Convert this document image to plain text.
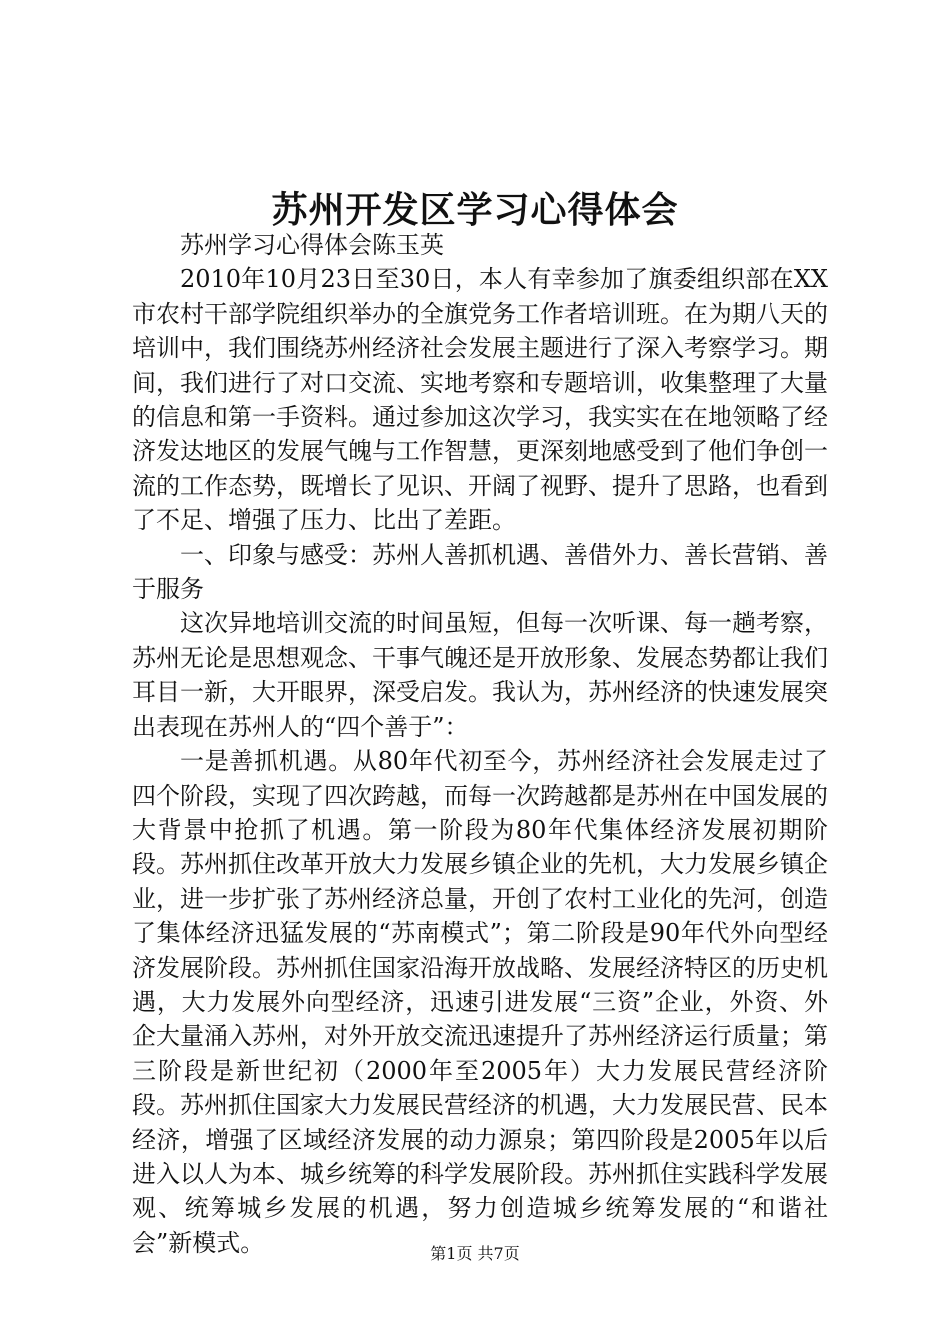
苏州开发区学习心得体会

苏州学习心得体会陈玉英

2010年10月23日至30日，本人有幸参加了旗委组织部在XX市农村干部学院组织举办的全旗党务工作者培训班。在为期八天的培训中，我们围绕苏州经济社会发展主题进行了深入考察学习。期间，我们进行了对口交流、实地考察和专题培训，收集整理了大量的信息和第一手资料。通过参加这次学习，我实实在在地领略了经济发达地区的发展气魄与工作智慧，更深刻地感受到了他们争创一流的工作态势，既增长了见识、开阔了视野、提升了思路，也看到了不足、增强了压力、比出了差距。

一、印象与感受：苏州人善抓机遇、善借外力、善长营销、善于服务

这次异地培训交流的时间虽短，但每一次听课、每一趟考察，苏州无论是思想观念、干事气魄还是开放形象、发展态势都让我们耳目一新，大开眼界，深受启发。我认为，苏州经济的快速发展突出表现在苏州人的“四个善于”：

一是善抓机遇。从80年代初至今，苏州经济社会发展走过了四个阶段，实现了四次跨越，而每一次跨越都是苏州在中国发展的大背景中抢抓了机遇。第一阶段为80年代集体经济发展初期阶段。苏州抓住改革开放大力发展乡镇企业的先机，大力发展乡镇企业，进一步扩张了苏州经济总量，开创了农村工业化的先河，创造了集体经济迅猛发展的“苏南模式”；第二阶段是90年代外向型经济发展阶段。苏州抓住国家沿海开放战略、发展经济特区的历史机遇，大力发展外向型经济，迅速引进发展“三资”企业，外资、外企大量涌入苏州，对外开放交流迅速提升了苏州经济运行质量；第三阶段是新世纪初（2000年至2005年）大力发展民营经济阶段。苏州抓住国家大力发展民营经济的机遇，大力发展民营、民本经济，增强了区域经济发展的动力源泉；第四阶段是2005年以后进入以人为本、城乡统筹的科学发展阶段。苏州抓住实践科学发展观、统筹城乡发展的机遇，努力创造城乡统筹发展的“和谐社会”新模式。	第1页 共7页
